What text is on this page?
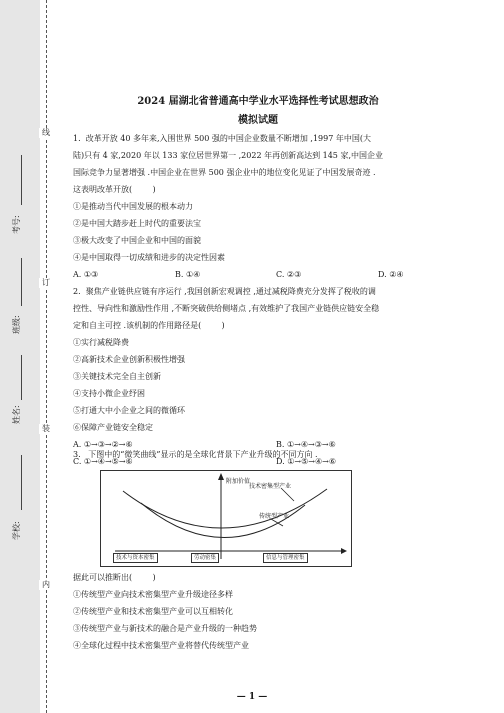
学校:
姓名:
班级:
考号:
线
订
装
内
2024 届湖北省普通高中学业水平选择性考试思想政治
模拟试题
1.  改革开放 40 多年来,入围世界 500 强的中国企业数量不断增加 ,1997 年中国(大
陆)只有 4 家,2020 年以 133 家位居世界第一 ,2022 年再创新高达到 145 家,中国企业
国际竞争力显著增强 .中国企业在世界 500 强企业中的地位变化见证了中国发展奇迹 .
这表明改革开放(        )
①是推动当代中国发展的根本动力
②是中国大踏步赶上时代的重要法宝
③极大改变了中国企业和中国的面貌
④是中国取得一切成绩和进步的决定性因素
A. ①③	B. ①④	C. ②③	D. ②④
2.  聚焦产业链供应链有序运行 ,我国创新宏观调控 ,通过减税降费充分发挥了税收的调
控性、导向性和激励性作用 ,不断突破供给侧堵点 ,有效维护了我国产业链供应链安全稳
定和自主可控 .该机制的作用路径是(        )
①实行减税降费
②高新技术企业创新积极性增强
③关键技术完全自主创新
④支持小微企业纾困
⑤打通大中小企业之间的微循环
⑥保障产业链安全稳定
A. ①→③→②→⑥	B. ①→④→③→⑥
C. ①→④→⑤→⑥	D. ①→⑤→④→⑥
附加价值
技术密集型产业
传统型产业
技术与资本密集	劳动密集	信息与管理密集
3.   下图中的“微笑曲线”显示的是全球化背景下产业升级的不同方向 .
据此可以推断出(        )
①传统型产业向技术密集型产业升级途径多样
②传统型产业和技术密集型产业可以互相转化
③传统型产业与新技术的融合是产业升级的一种趋势
④全球化过程中技术密集型产业将替代传统型产业
— 1 —
